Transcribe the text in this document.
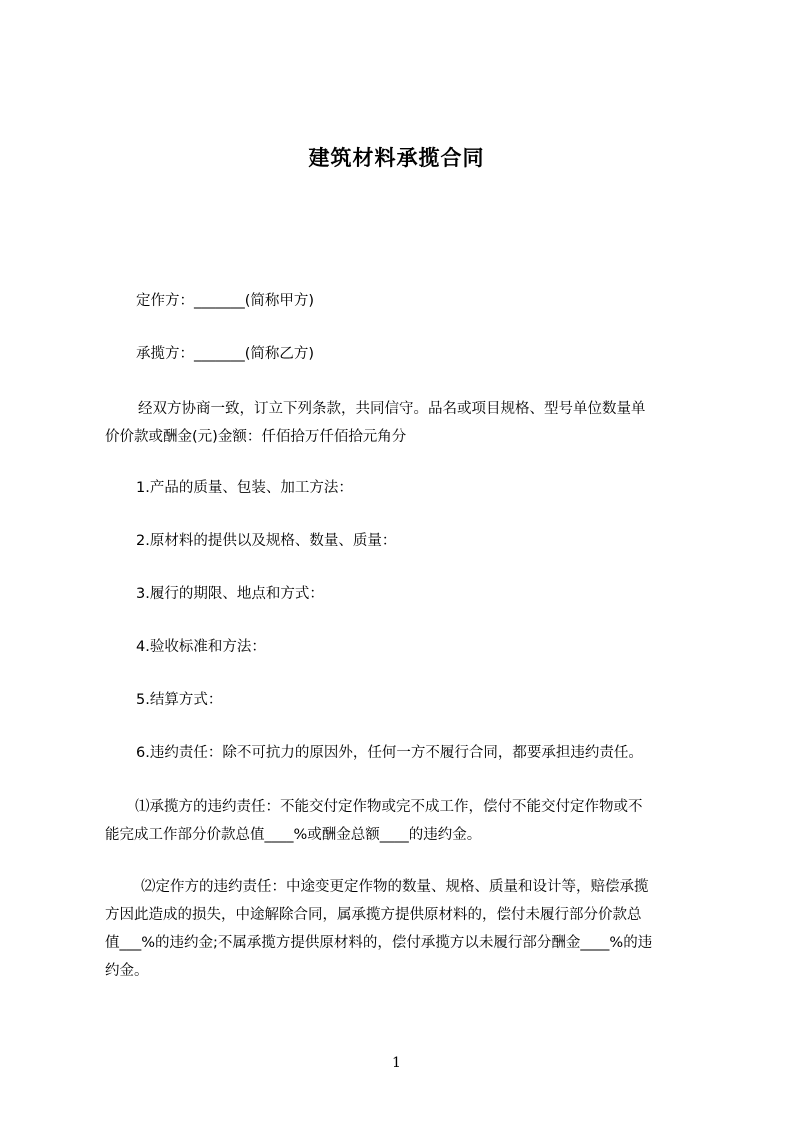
建筑材料承揽合同
定作方：_______(简称甲方)
承揽方：_______(简称乙方)
经双方协商一致，订立下列条款，共同信守。品名或项目规格、型号单位数量单
价价款或酬金(元)金额：仟佰拾万仟佰拾元角分
1.产品的质量、包装、加工方法：
2.原材料的提供以及规格、数量、质量：
3.履行的期限、地点和方式：
4.验收标准和方法：
5.结算方式：
6.违约责任：除不可抗力的原因外，任何一方不履行合同，都要承担违约责任。
⑴承揽方的违约责任：不能交付定作物或完不成工作，偿付不能交付定作物或不
能完成工作部分价款总值____%或酬金总额____的违约金。
⑵定作方的违约责任：中途变更定作物的数量、规格、质量和设计等，赔偿承揽
方因此造成的损失，中途解除合同，属承揽方提供原材料的，偿付未履行部分价款总
值___%的违约金;不属承揽方提供原材料的，偿付承揽方以未履行部分酬金____%的违
约金。
1
